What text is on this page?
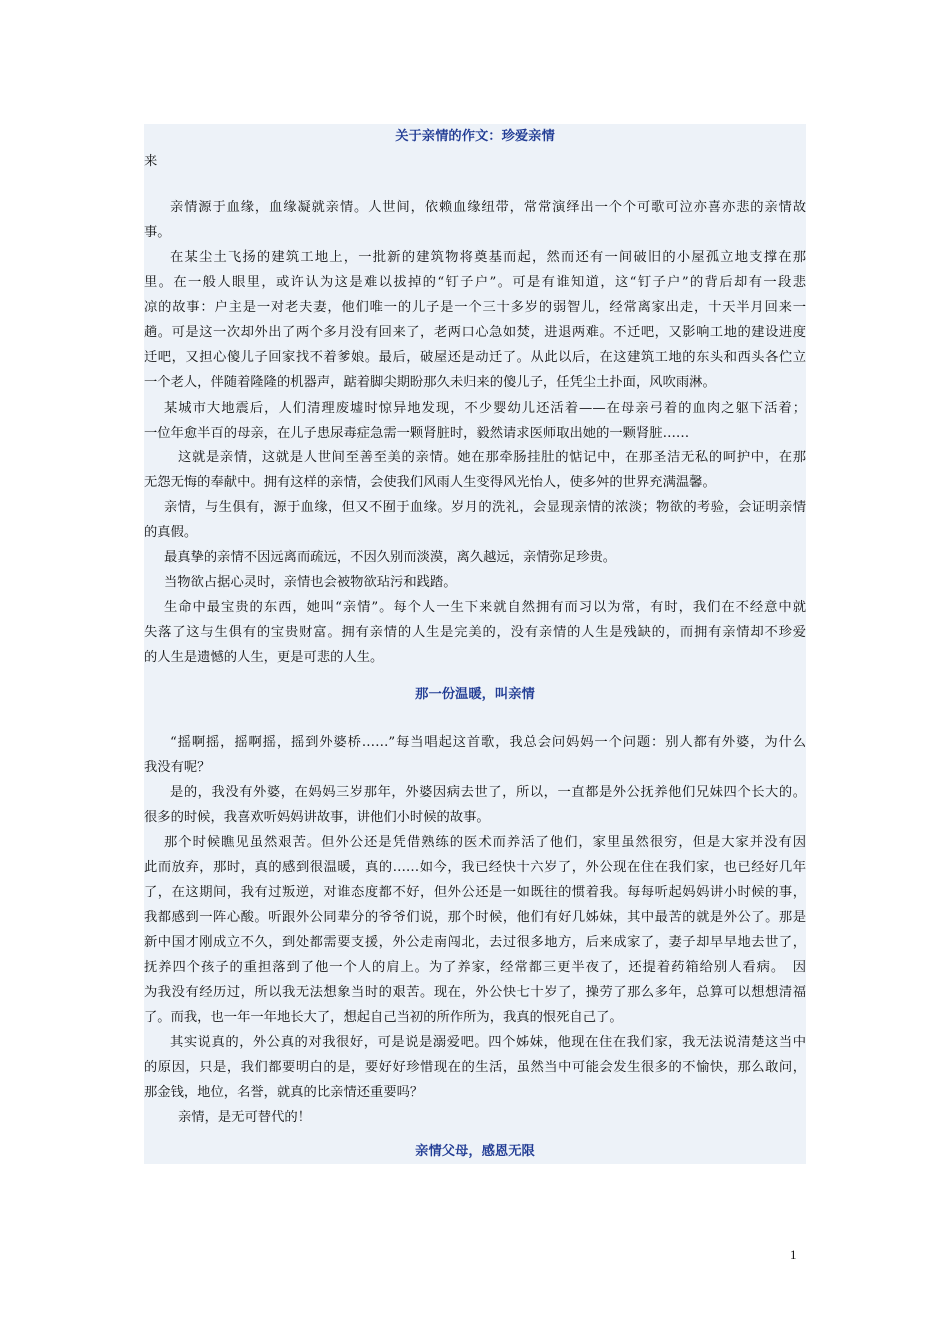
关于亲情的作文：珍爱亲情
来
亲情源于血缘，血缘凝就亲情。人世间，依赖血缘纽带，常常演绎出一个个可歌可泣亦喜亦悲的亲情故
事。
在某尘土飞扬的建筑工地上，一批新的建筑物将奠基而起，然而还有一间破旧的小屋孤立地支撑在那
里。在一般人眼里，或许认为这是难以拔掉的“钉子户”。可是有谁知道，这“钉子户”的背后却有一段悲
凉的故事：户主是一对老夫妻，他们唯一的儿子是一个三十多岁的弱智儿，经常离家出走，十天半月回来一
趟。可是这一次却外出了两个多月没有回来了，老两口心急如焚，进退两难。不迁吧，又影响工地的建设进度
迁吧，又担心傻儿子回家找不着爹娘。最后，破屋还是动迁了。从此以后，在这建筑工地的东头和西头各伫立
一个老人，伴随着隆隆的机器声，踮着脚尖期盼那久未归来的傻儿子，任凭尘土扑面，风吹雨淋。
某城市大地震后，人们清理废墟时惊异地发现，不少婴幼儿还活着——在母亲弓着的血肉之躯下活着；
一位年愈半百的母亲，在儿子患尿毒症急需一颗肾脏时，毅然请求医师取出她的一颗肾脏……
这就是亲情，这就是人世间至善至美的亲情。她在那牵肠挂肚的惦记中，在那圣洁无私的呵护中，在那
无怨无悔的奉献中。拥有这样的亲情，会使我们风雨人生变得风光怡人，使多舛的世界充满温馨。
亲情，与生俱有，源于血缘，但又不囿于血缘。岁月的洗礼，会显现亲情的浓淡；物欲的考验，会证明亲情
的真假。
最真挚的亲情不因远离而疏远，不因久别而淡漠，离久越远，亲情弥足珍贵。
当物欲占据心灵时，亲情也会被物欲玷污和践踏。
生命中最宝贵的东西，她叫“亲情”。每个人一生下来就自然拥有而习以为常，有时，我们在不经意中就
失落了这与生俱有的宝贵财富。拥有亲情的人生是完美的，没有亲情的人生是残缺的，而拥有亲情却不珍爱
的人生是遗憾的人生，更是可悲的人生。
那一份温暖，叫亲情
“摇啊摇，摇啊摇，摇到外婆桥……”每当唱起这首歌，我总会问妈妈一个问题：别人都有外婆，为什么
我没有呢？
是的，我没有外婆，在妈妈三岁那年，外婆因病去世了，所以，一直都是外公抚养他们兄妹四个长大的。
很多的时候，我喜欢听妈妈讲故事，讲他们小时候的故事。
那个时候瞧见虽然艰苦。但外公还是凭借熟练的医术而养活了他们，家里虽然很穷，但是大家并没有因
此而放弃，那时，真的感到很温暖，真的……如今，我已经快十六岁了，外公现在住在我们家，也已经好几年
了，在这期间，我有过叛逆，对谁态度都不好，但外公还是一如既往的惯着我。每每听起妈妈讲小时候的事，
我都感到一阵心酸。听跟外公同辈分的爷爷们说，那个时候，他们有好几姊妹，其中最苦的就是外公了。那是
新中国才刚成立不久，到处都需要支援，外公走南闯北，去过很多地方，后来成家了，妻子却早早地去世了，
抚养四个孩子的重担落到了他一个人的肩上。为了养家，经常都三更半夜了，还提着药箱给别人看病。　因
为我没有经历过，所以我无法想象当时的艰苦。现在，外公快七十岁了，操劳了那么多年，总算可以想想清福
了。而我，也一年一年地长大了，想起自己当初的所作所为，我真的恨死自己了。
其实说真的，外公真的对我很好，可是说是溺爱吧。四个姊妹，他现在住在我们家，我无法说清楚这当中
的原因，只是，我们都要明白的是，要好好珍惜现在的生活，虽然当中可能会发生很多的不愉快，那么敢问，
那金钱，地位，名誉，就真的比亲情还重要吗？
亲情，是无可替代的！
亲情父母，感恩无限
1
